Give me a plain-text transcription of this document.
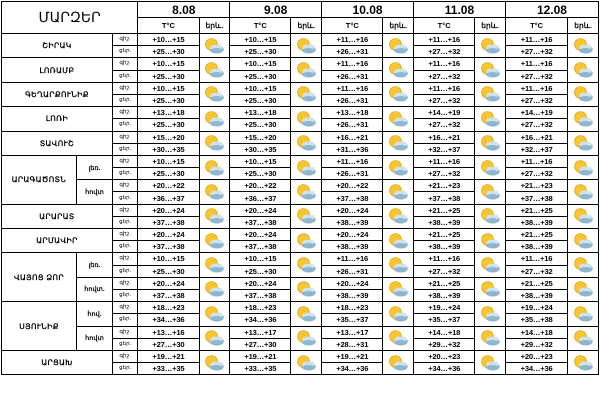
ՄԱՐԶԵՐ			8.08		9.08		10.08		11.08		12.08	
			T°C	երև.	T°C	երև.	T°C	երև.	T°C	երև.	T°C	երև.
ՇԻՐԱԿ		գիշ.	+10…+15		+10…+15		+11…+16		+11…+16		+11…+16	

		ցեր.	+25…+30		+25…+30		+26…+31		+27…+32		+27…+32	
ԼՈՌԱՄԲ		գիշ.	+10…+15		+10…+15		+11…+16		+11…+16		+11…+16	

		ցեր.	+25…+30		+25…+30		+26…+31		+27…+32		+27…+32	
ԳԵՂԱՐՔՈՒՆԻՔ		գիշ.	+10…+15		+10…+15		+11…+16		+11…+16		+11…+16	

		ցեր.	+25…+30		+25…+30		+26…+31		+27…+32		+27…+32	
ԼՈՌԻ		գիշ.	+13…+18		+13…+18		+13…+18		+14…+19		+14…+19	

		ցեր.	+25…+30		+25…+30		+26…+31		+27…+32		+27…+32	
ՏԱՎՈՒՇ		գիշ.	+15…+20		+15…+20		+16…+21		+16…+21		+16…+21	

		ցեր.	+30…+35		+30…+35		+31…+36		+32…+37		+32…+37	
ԱՐԱԳԱԾՈՏՆ	լեռ.	գիշ.	+10…+15		+10…+15		+11…+16		+11…+16		+11…+16	

		ցեր.	+25…+30		+25…+30		+26…+31		+27…+32		+27…+32	
	հովտ	գիշ.	+20…+22		+20…+22		+20…+22		+21…+23		+21…+23	

		ցեր.	+36…+37		+36…+37		+37…+38		+37…+38		+37…+38	
ԱՐԱՐԱՏ		գիշ.	+20…+24		+20…+24		+20…+24		+21…+25		+21…+25	

		ցեր.	+37…+38		+37…+38		+38…+39		+38…+39		+38…+39	
ԱՐՄԱՎԻՐ		գիշ.	+20…+24		+20…+24		+20…+24		+21…+25		+21…+25	

		ցեր.	+37…+38		+37…+38		+38…+39		+38…+39		+38…+39	
ՎԱՅՈՑ ՁՈՐ	լեռ.	գիշ.	+10…+15		+10…+15		+11…+16		+11…+16		+11…+16	

		ցեր.	+25…+30		+25…+30		+26…+31		+27…+32		+27…+32	
	հովտ.	գիշ.	+20…+24		+20…+24		+20…+24		+21…+25		+21…+25	

		ցեր.	+37…+38		+37…+38		+38…+39		+38…+39		+38…+39	
ՍՅՈՒՆԻՔ	հով.	գիշ.	+18…+23		+18…+23		+18…+23		+19…+24		+19…+24	

		ցեր.	+34…+36		+34…+36		+35…+37		+35…+37		+35…+38	
	հովտ	գիշ.	+13…+16		+13…+17		+13…+17		+14…+18		+14…+18	

		ցեր.	+27…+30		+27…+30		+28…+31		+29…+32		+29…+32	
ԱՐՑԱԽ		գիշ.	+19…+21		+19…+21		+19…+21		+20…+23		+20…+23	

		ցեր.	+33…+35		+33…+35		+34…+36		+34…+36		+34…+36	
